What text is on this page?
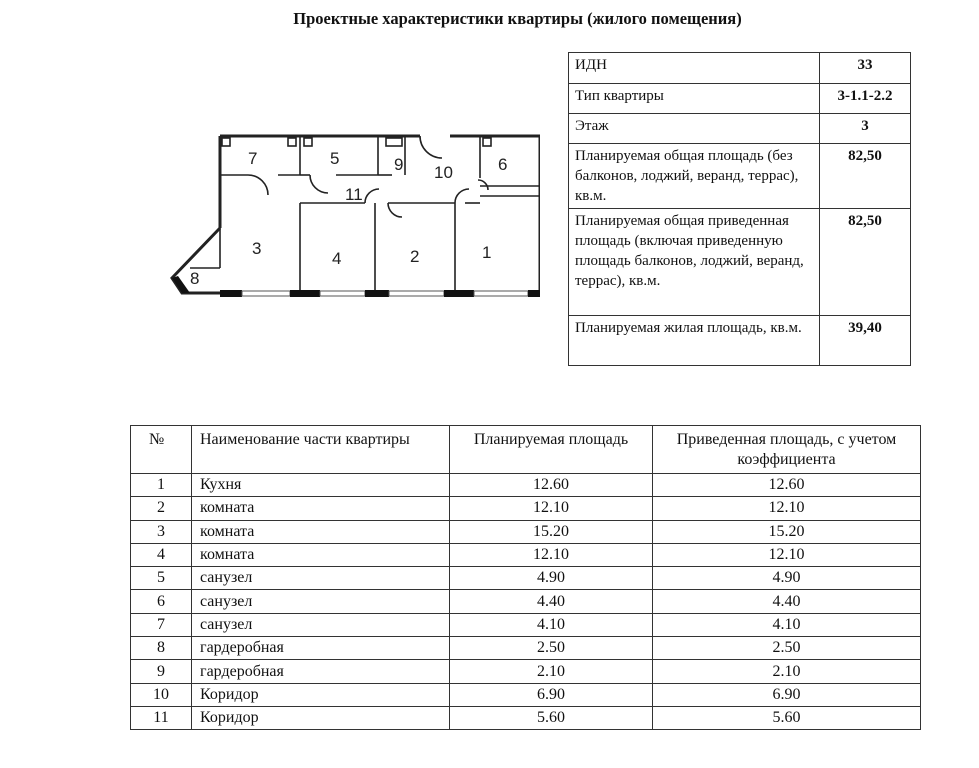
Проектные характеристики квартиры (жилого помещения)
7	5	9 10	6
11
3
4	2	1
8
ИДН	33
Тип квартиры	3-1.1-2.2
Этаж	3
Планируемая общая площадь (без балконов, лоджий, веранд, террас), кв.м.	82,50
Планируемая общая приведенная площадь (включая приведенную площадь балконов, лоджий, веранд, террас), кв.м.	82,50
Планируемая жилая площадь, кв.м.	39,40
№	Наименование части квартиры	Планируемая площадь	Приведенная площадь, с учетом коэффициента
1	Кухня	12.60	12.60
2	комната	12.10	12.10
3	комната	15.20	15.20
4	комната	12.10	12.10
5	санузел	4.90	4.90
6	санузел	4.40	4.40
7	санузел	4.10	4.10
8	гардеробная	2.50	2.50
9	гардеробная	2.10	2.10
10	Коридор	6.90	6.90
11	Коридор	5.60	5.60
